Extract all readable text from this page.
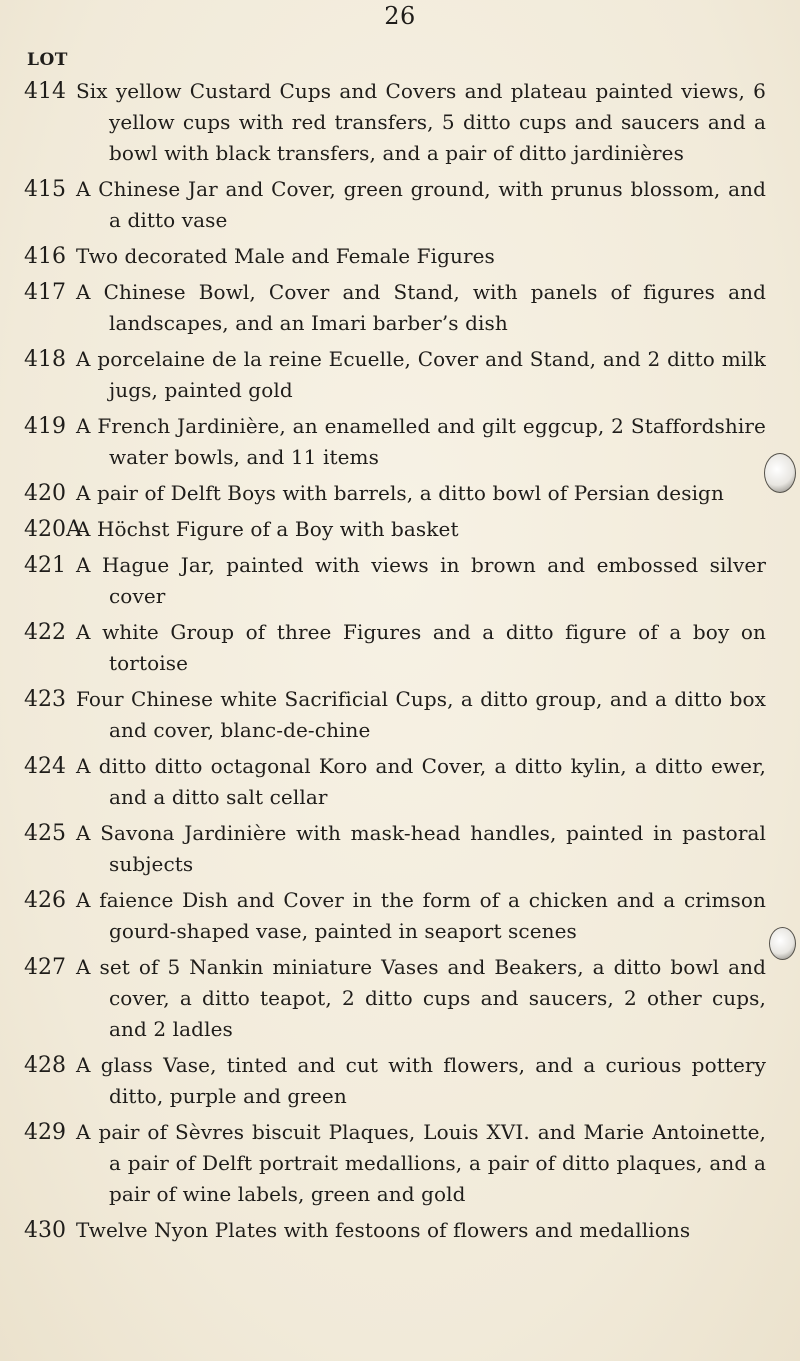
26
LOT
414 Six yellow Custard Cups and Covers and plateau painted views, 6 yellow cups with red transfers, 5 ditto cups and saucers and a bowl with black transfers, and a pair of ditto jardinières
415 A Chinese Jar and Cover, green ground, with prunus blossom, and a ditto vase
416 Two decorated Male and Female Figures
417 A Chinese Bowl, Cover and Stand, with panels of figures and landscapes, and an Imari barber’s dish
418 A porcelaine de la reine Ecuelle, Cover and Stand, and 2 ditto milk jugs, painted gold
419 A French Jardinière, an enamelled and gilt eggcup, 2 Staffordshire water bowls, and 11 items
420 A pair of Delft Boys with barrels, a ditto bowl of Persian design
420A
A Höchst Figure of a Boy with basket
421 A Hague Jar, painted with views in brown and embossed silver cover
422 A white Group of three Figures and a ditto figure of a boy on tortoise
423 Four Chinese white Sacrificial Cups, a ditto group, and a ditto box and cover, blanc-de-chine
424 A ditto ditto octagonal Koro and Cover, a ditto kylin, a ditto ewer, and a ditto salt cellar
425 A Savona Jardinière with mask-head handles, painted in pastoral subjects
426 A faience Dish and Cover in the form of a chicken and a crimson gourd-shaped vase, painted in seaport scenes
427 A set of 5 Nankin miniature Vases and Beakers, a ditto bowl and cover, a ditto teapot, 2 ditto cups and saucers, 2 other cups, and 2 ladles
428 A glass Vase, tinted and cut with flowers, and a curious pottery ditto, purple and green
429 A pair of Sèvres biscuit Plaques, Louis XVI. and Marie Antoinette, a pair of Delft portrait medallions, a pair of ditto plaques, and a pair of wine labels, green and gold
430 Twelve Nyon Plates with festoons of flowers and medallions
